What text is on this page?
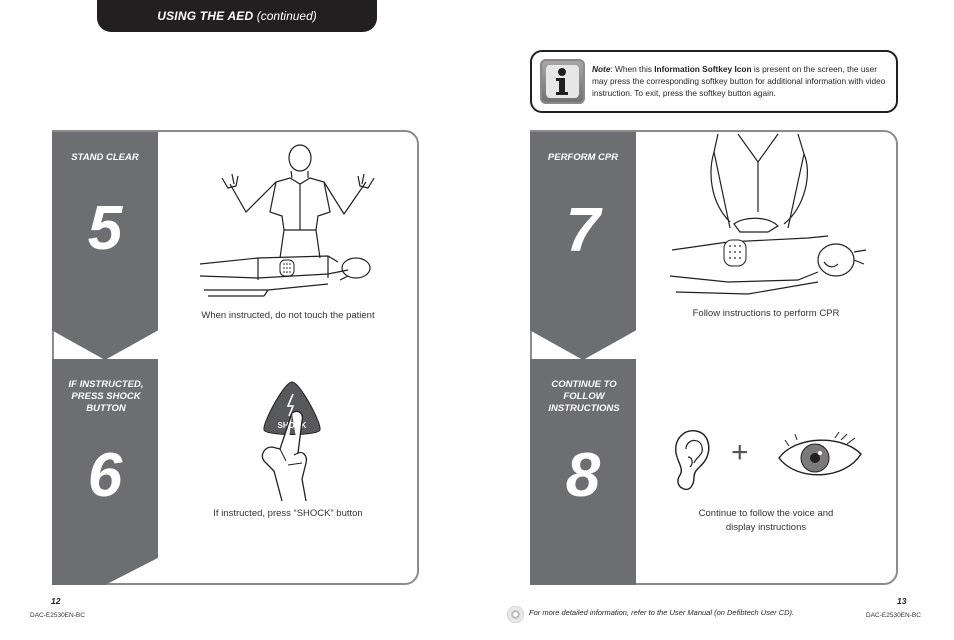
USING THE AED (continued)
Note: When this Information Softkey Icon is present on the screen, the user may press the corresponding softkey button for additional information with video instruction. To exit, press the softkey button again.
STAND CLEAR
5
IF INSTRUCTED, PRESS SHOCK BUTTON
6
When instructed, do not touch the patient
SHOCK
If instructed, press “SHOCK” button
PERFORM CPR
7
CONTINUE TO FOLLOW INSTRUCTIONS
8
Follow instructions to perform CPR
+
Continue to follow the voice and display instructions
12
DAC-E2530EN-BC	For more detailed information, refer to the User Manual (on Defibtech User CD).
13
DAC-E2530EN-BC
